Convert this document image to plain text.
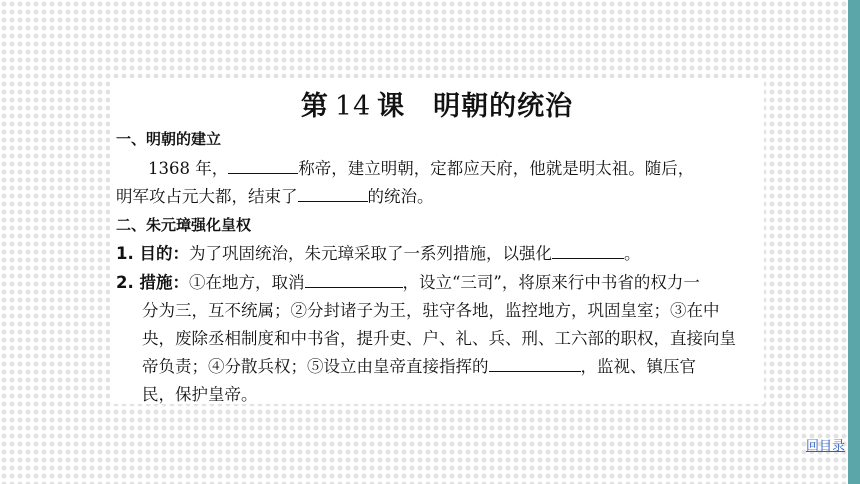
第 14 课 明朝的统治
一、明朝的建立
1368 年，	称帝，建立明朝，定都应天府，他就是明太祖。随后，
明军攻占元大都，结束了	的统治。
二、朱元璋强化皇权
1. 目的：为了巩固统治，朱元璋采取了一系列措施，以强化	。
2. 措施：①在地方，取消	，设立“三司”，将原来行中书省的权力一
分为三，互不统属；②分封诸子为王，驻守各地，监控地方，巩固皇室；③在中
央，废除丞相制度和中书省，提升吏、户、礼、兵、刑、工六部的职权，直接向皇
帝负责；④分散兵权；⑤设立由皇帝直接指挥的	，监视、镇压官
民，保护皇帝。
回目录
